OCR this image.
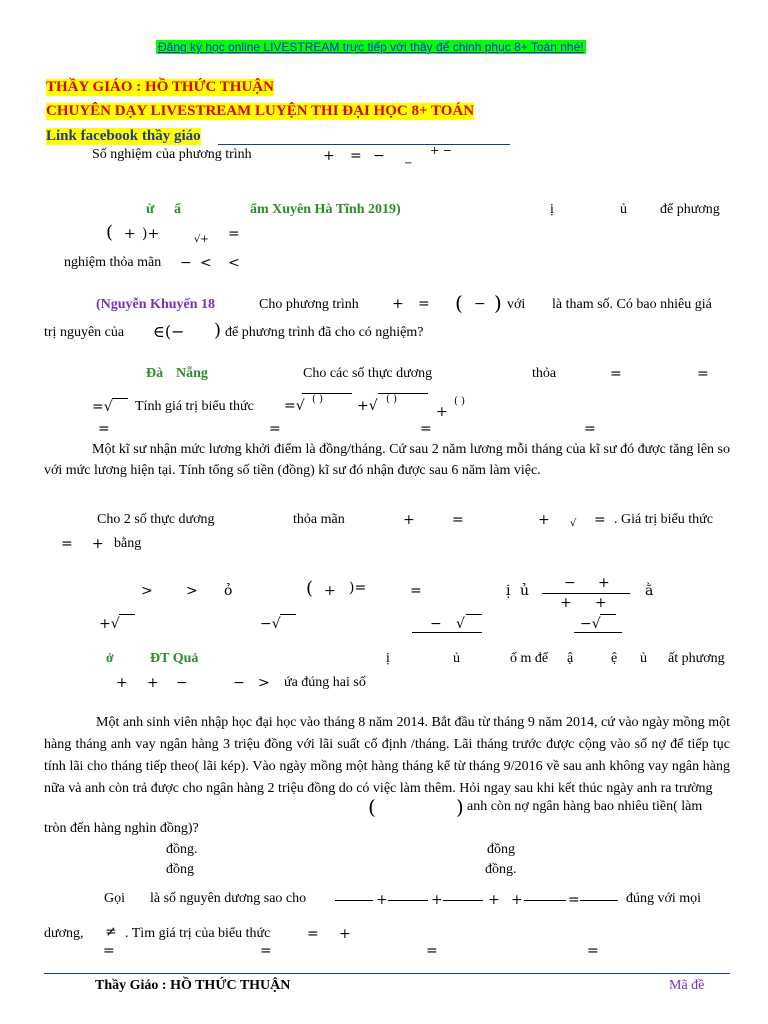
Đăng ký học online LIVESTREAM trực tiếp với thầy để chinh phục 8+ Toán nhé!
THẦY GIÁO : HỒ THỨC THUẬN
CHUYÊN DẠY LIVESTREAM LUYỆN THI ĐẠI HỌC 8+ TOÁN
Link facebook thầy giáo
Số nghiệm của phương trình	+ = − −
+ −
ừ ẩ	ẩm Xuyên Hà Tĩnh 2019)	ị	ủ để phương
( + )+	√+ =
nghiệm thỏa mãn − < <
(Nguyễn Khuyến 18	Cho phương trình + = ( − ) với là tham số. Có bao nhiêu giá
trị nguyên của ∈(− ) để phương trình đã cho có nghiệm?
Đà Nẵng	Cho các số thực dương	thỏa	=	=
=√ Tính giá trị biểu thức =√ ( ) +√ ( )
+
( )
=	=	=	=
Một kĩ sư nhận mức lương khởi điểm là đồng/tháng. Cứ sau 2 năm lương mỗi tháng của kĩ sư đó được tăng lên so với mức lương hiện tại. Tính tổng số tiền (đồng) kĩ sư đó nhận được sau 6 năm làm việc.
Cho 2 số thực dương	thỏa mãn	+	=	+ √ = . Giá trị biểu thức
= + bằng
> > ỏ	( + )=	=	ị ủ − +
+ +
ằ
+√	−√	− √	−√
ở	ĐT Quả	ị	ủ	ố m để ậ	ệ ủ ất phương
+ + −	− > ứa đúng hai số
Một anh sinh viên nhập học đại học vào tháng 8 năm 2014. Bắt đầu từ tháng 9 năm 2014, cứ vào ngày mồng một hàng tháng anh vay ngân hàng 3 triệu đồng với lãi suất cố định /tháng. Lãi tháng trước được cộng vào số nợ để tiếp tục tính lãi cho tháng tiếp theo( lãi kép). Vào ngày mồng một hàng tháng kể từ tháng 9/2016 về sau anh không vay ngân hàng nữa và anh còn trả được cho ngân hàng 2 triệu đồng do có việc làm thêm. Hỏi ngay sau khi kết thúc ngày anh ra trường
(	) anh còn nợ ngân hàng bao nhiêu tiền( làm
tròn đến hàng nghìn đồng)?
đồng.	đồng
đồng	đồng.
Gọi là số nguyên dương sao cho	+	+	+ +	=	đúng với mọi
dương, ≠ . Tìm giá trị của biểu thức	= +
=	=	=	=
Thầy Giáo : HỒ THỨC THUẬN	Mã đề
